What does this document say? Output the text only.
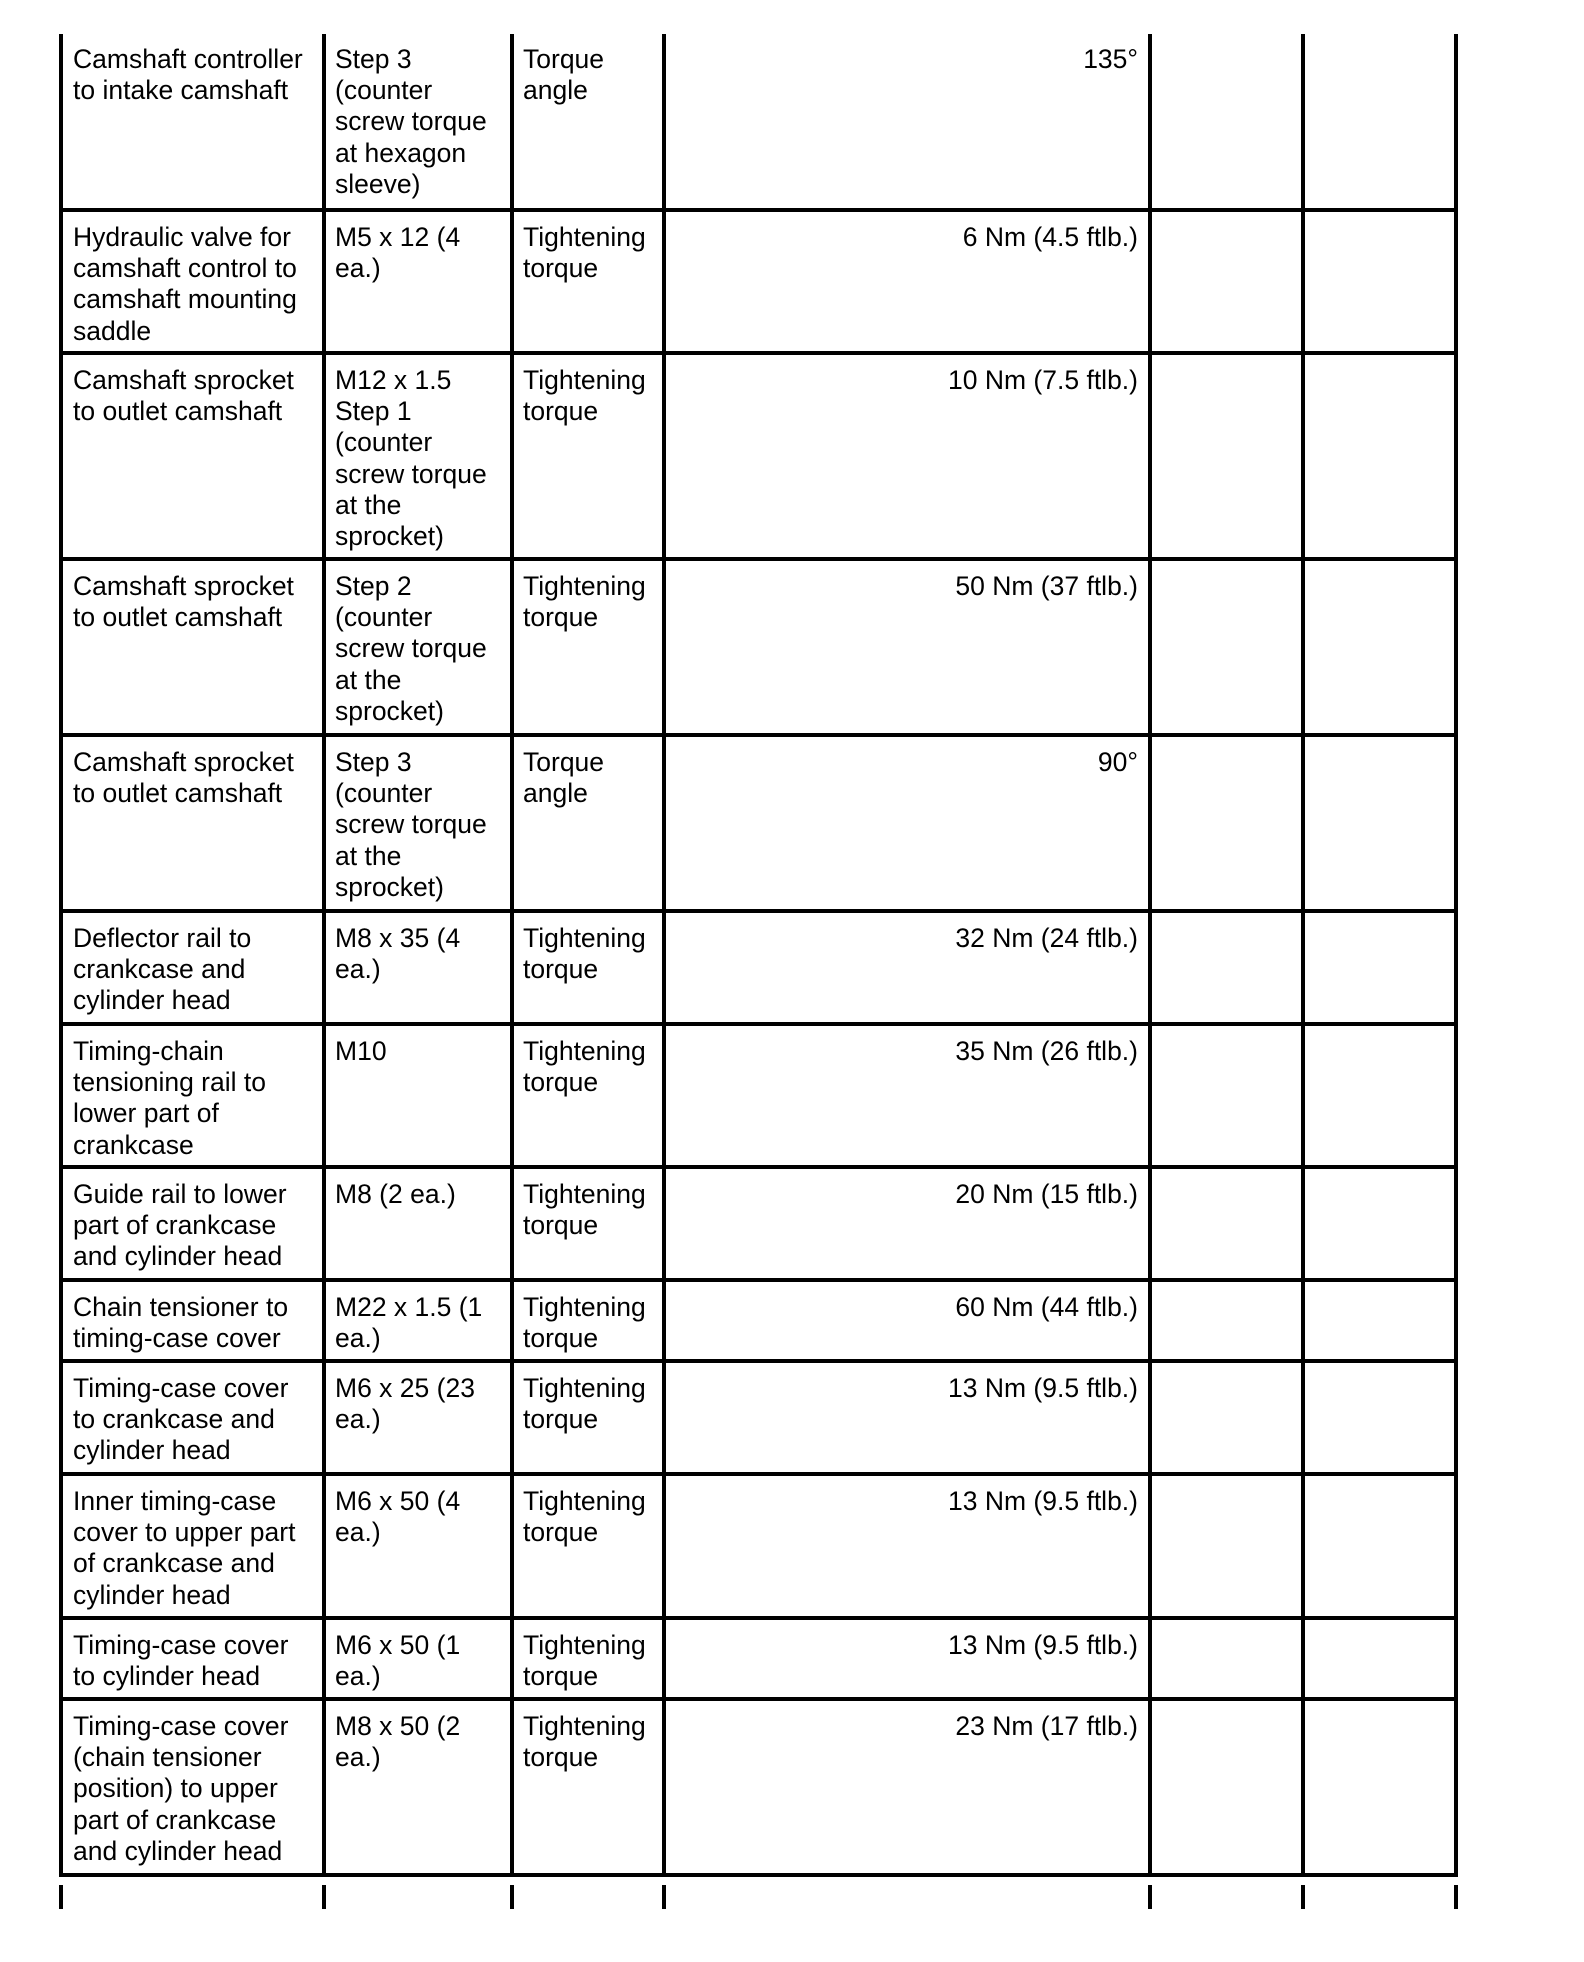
Camshaft controller to intake camshaft	Step 3 (counter screw torque at hexagon sleeve)	Torque angle	135°		
Hydraulic valve for camshaft control to camshaft mounting saddle	M5 x 12 (4 ea.)	Tightening torque	6 Nm (4.5 ftlb.)		
Camshaft sprocket to outlet camshaft	M12 x 1.5 Step 1 (counter screw torque at the sprocket)	Tightening torque	10 Nm (7.5 ftlb.)		
Camshaft sprocket to outlet camshaft	Step 2 (counter screw torque at the sprocket)	Tightening torque	50 Nm (37 ftlb.)		
Camshaft sprocket to outlet camshaft	Step 3 (counter screw torque at the sprocket)	Torque angle	90°		
Deflector rail to crankcase and cylinder head	M8 x 35 (4 ea.)	Tightening torque	32 Nm (24 ftlb.)		
Timing-chain tensioning rail to lower part of crankcase	M10	Tightening torque	35 Nm (26 ftlb.)		
Guide rail to lower part of crankcase and cylinder head	M8 (2 ea.)	Tightening torque	20 Nm (15 ftlb.)		
Chain tensioner to timing-case cover	M22 x 1.5 (1 ea.)	Tightening torque	60 Nm (44 ftlb.)		
Timing-case cover to crankcase and cylinder head	M6 x 25 (23 ea.)	Tightening torque	13 Nm (9.5 ftlb.)		
Inner timing-case cover to upper part of crankcase and cylinder head	M6 x 50 (4 ea.)	Tightening torque	13 Nm (9.5 ftlb.)		
Timing-case cover to cylinder head	M6 x 50 (1 ea.)	Tightening torque	13 Nm (9.5 ftlb.)		
Timing-case cover (chain tensioner position) to upper part of crankcase and cylinder head	M8 x 50 (2 ea.)	Tightening torque	23 Nm (17 ftlb.)		
